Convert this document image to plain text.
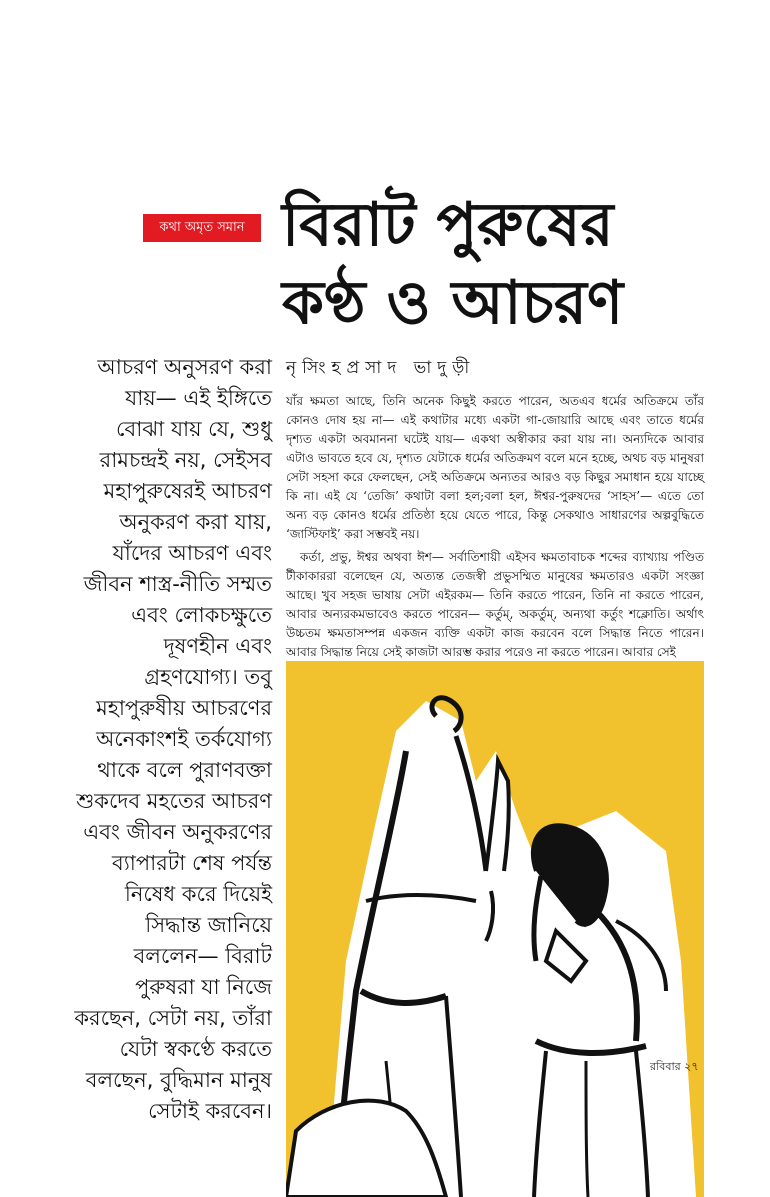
কথা অমৃত সমান বিরাট পুরুষের
কণ্ঠ ও আচরণ
নৃসিংহপ্রসাদ ভাদুড়ী
আচরণ অনুসরণ করা
যায়— এই ইঙ্গিতে
বোঝা যায় যে, শুধু
রামচন্দ্রই নয়, সেইসব
মহাপুরুষেরই আচরণ
অনুকরণ করা যায়,
যাঁদের আচরণ এবং
জীবন শাস্ত্র-নীতি সম্মত
এবং লোকচক্ষুতে
দূষণহীন এবং
গ্রহণযোগ্য। তবু
মহাপুরুষীয় আচরণের
অনেকাংশই তর্কযোগ্য
থাকে বলে পুরাণবক্তা
শুকদেব মহতের আচরণ
এবং জীবন অনুকরণের
ব্যাপারটা শেষ পর্যন্ত
নিষেধ করে দিয়েই
সিদ্ধান্ত জানিয়ে
বললেন— বিরাট
পুরুষরা যা নিজে
করছেন, সেটা নয়, তাঁরা
যেটা স্বকণ্ঠে করতে
বলছেন, বুদ্ধিমান মানুষ
সেটাই করবেন।

যাঁর ক্ষমতা আছে, তিনি অনেক কিছুই করতে পারেন, অতএব ধর্মের অতিক্রমে তাঁর কোনও দোষ হয় না— এই কথাটার মধ্যে একটা গা-জোয়ারি আছে এবং তাতে ধর্মের দৃশ্যত একটা অবমাননা ঘটেই যায়— একথা অস্বীকার করা যায় না। অন্যদিকে আবার এটাও ভাবতে হবে যে, দৃশ্যত যেটাকে ধর্মের অতিক্রমণ বলে মনে হচ্ছে, অথচ বড় মানুষরা সেটা সহসা করে ফেলছেন, সেই অতিক্রমে অন্যতর আরও বড় কিছুর সমাধান হয়ে যাচ্ছে কি না। এই যে ‘তেজি’ কথাটা বলা হল;বলা হল, ঈশ্বর-পুরুষদের ‘সাহস’— এতে তো অন্য বড় কোনও ধর্মের প্রতিষ্ঠা হয়ে যেতে পারে, কিন্তু সেকথাও সাধারণের অল্পবুদ্ধিতে ‘জাস্টিফাই’ করা সম্ভবই নয়।

কর্তা, প্রভু, ঈশ্বর অথবা ঈশ— সর্বাতিশায়ী এইসব ক্ষমতাবাচক শব্দের ব্যাখ্যায় পণ্ডিত টীকাকাররা বলেছেন যে, অত্যন্ত তেজস্বী প্রভুসম্মিত মানুষের ক্ষমতারও একটা সংজ্ঞা আছে। খুব সহজ ভাষায় সেটা এইরকম— তিনি করতে পারেন, তিনি না করতে পারেন, আবার অন্যরকমভাবেও করতে পারেন— কর্তুম্‌, অকর্তুম্‌, অন্যথা কর্তুং শক্লোতি। অর্থাৎ উচ্চতম ক্ষমতাসম্পন্ন একজন ব্যক্তি একটা কাজ করবেন বলে সিদ্ধান্ত নিতে পারেন। আবার সিদ্ধান্ত নিয়ে সেই কাজটা আরম্ভ করার পরেও না করতে পারেন। আবার সেই

রবিবার ২৭
